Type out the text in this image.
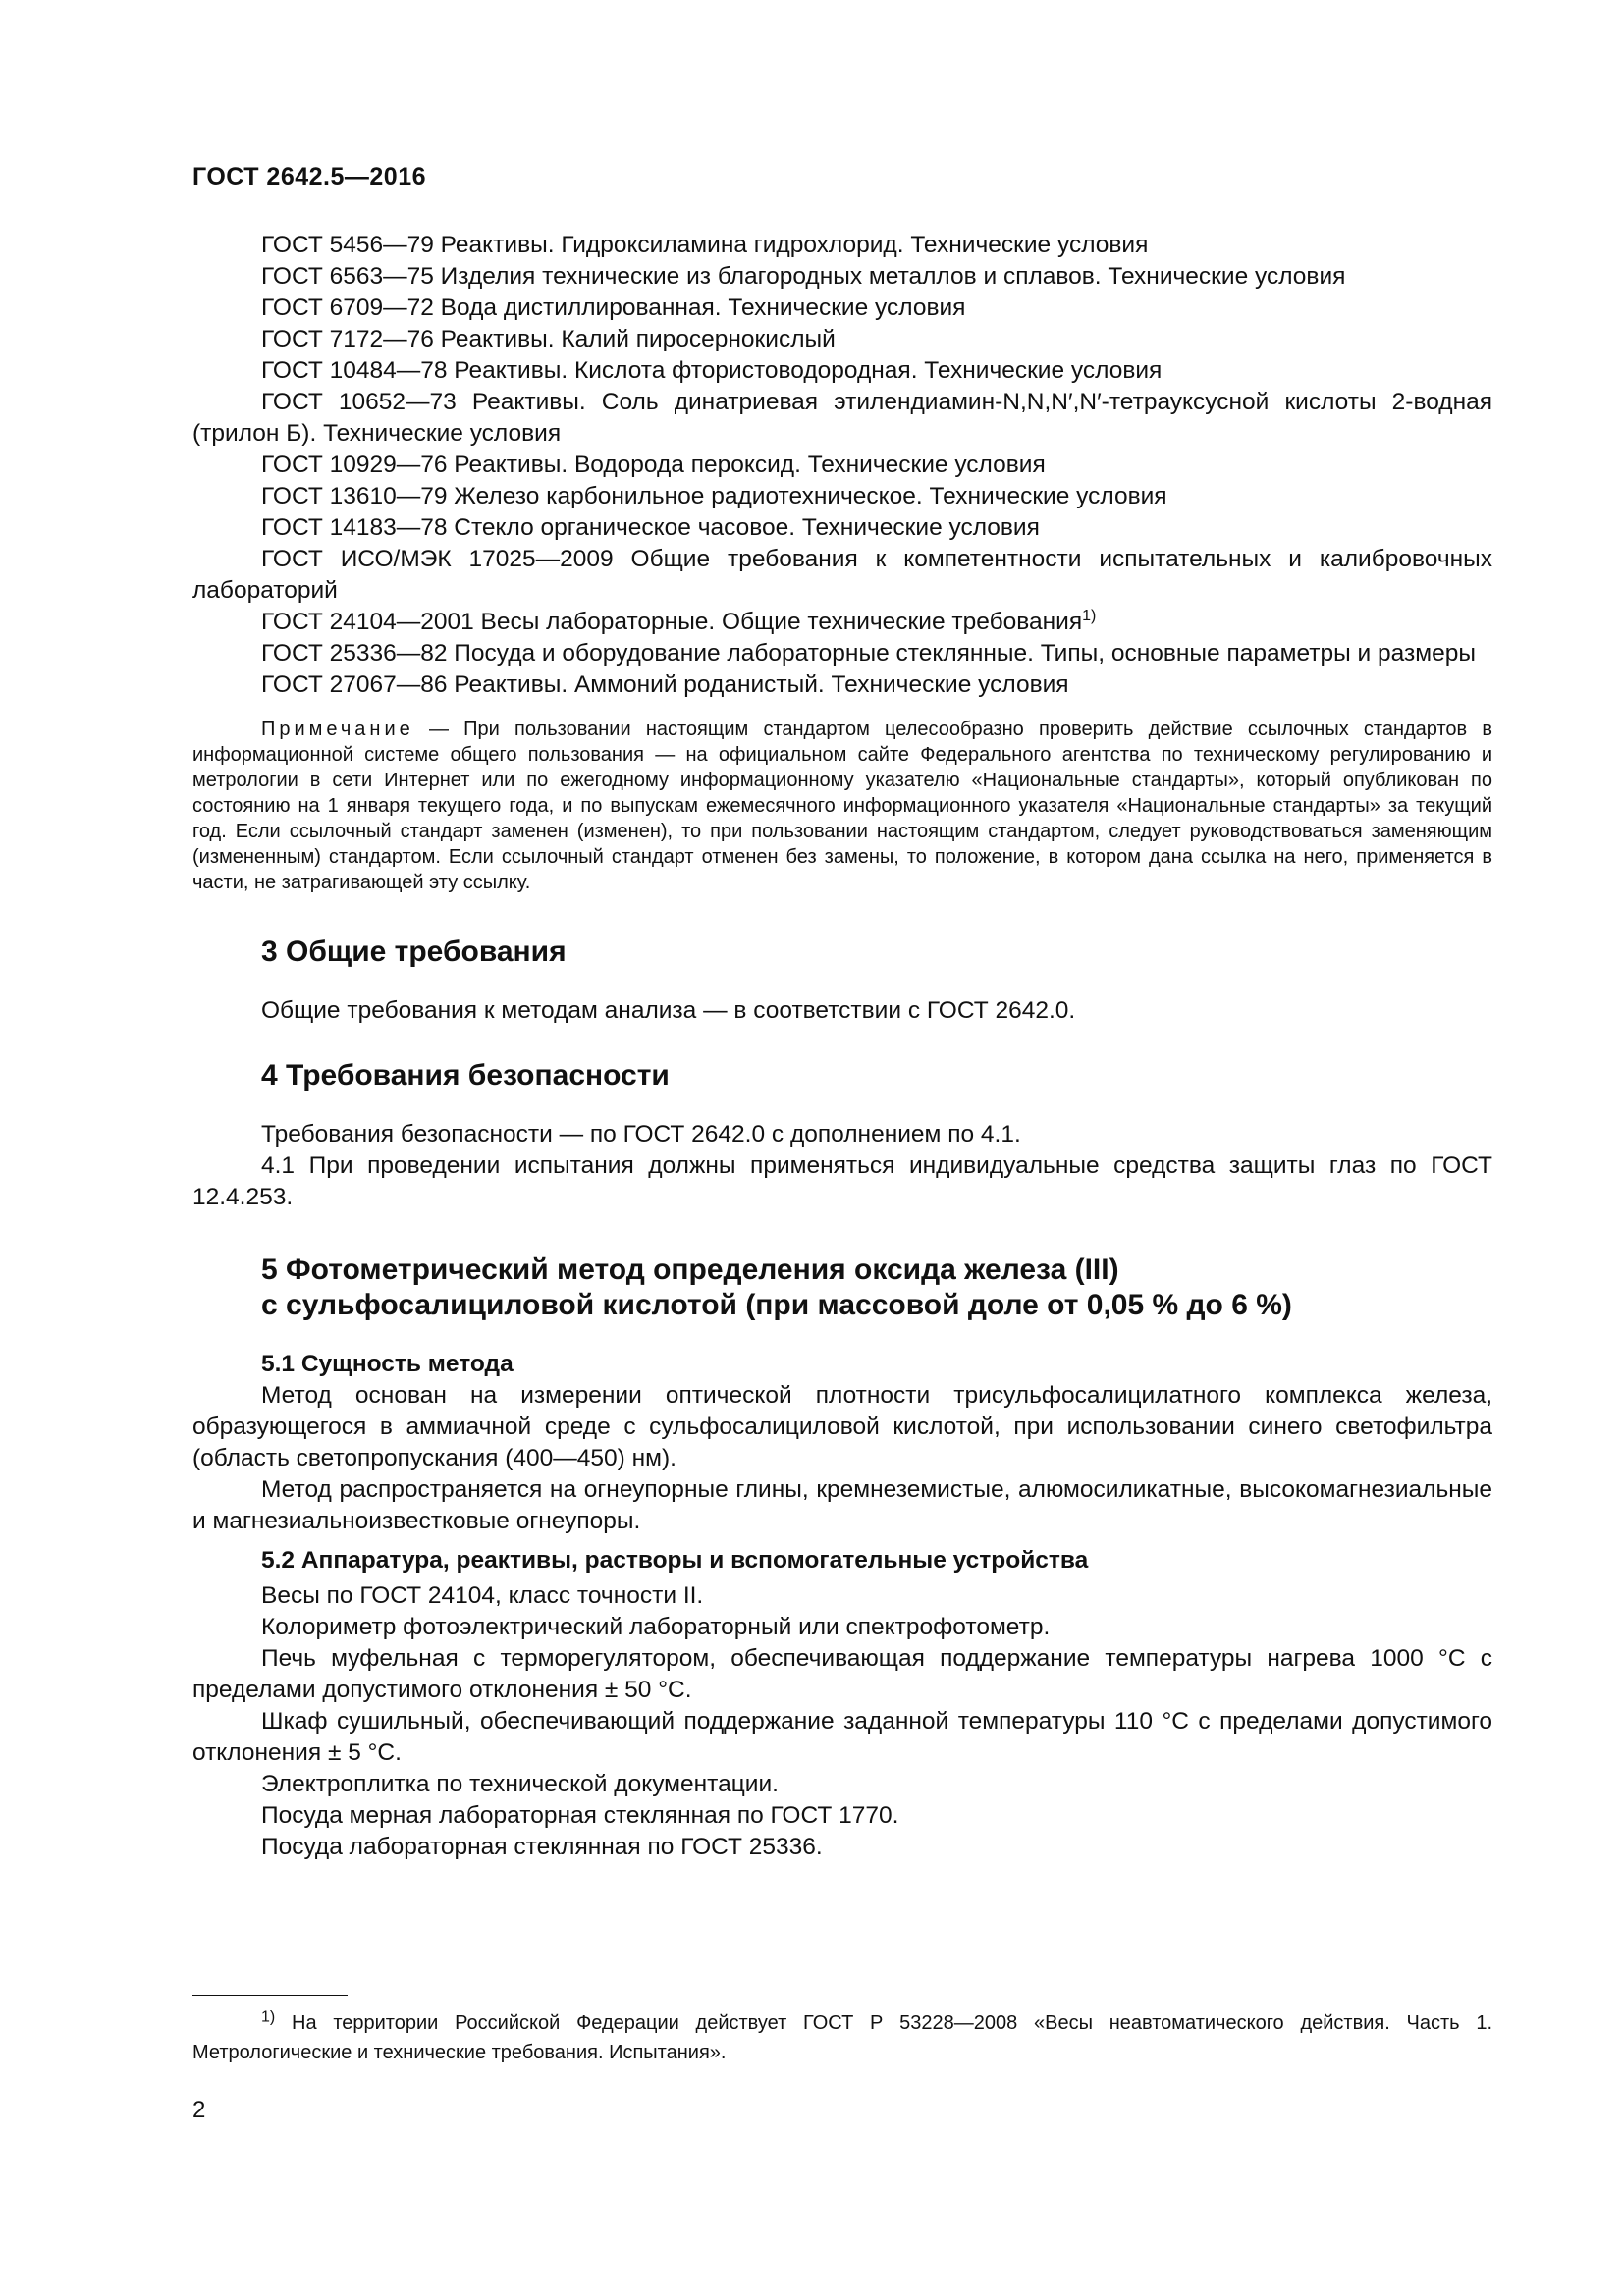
ГОСТ 2642.5—2016

ГОСТ 5456—79 Реактивы. Гидроксиламина гидрохлорид. Технические условия

ГОСТ 6563—75 Изделия технические из благородных металлов и сплавов. Технические условия

ГОСТ 6709—72 Вода дистиллированная. Технические условия

ГОСТ 7172—76 Реактивы. Калий пиросернокислый

ГОСТ 10484—78 Реактивы. Кислота фтористоводородная. Технические условия

ГОСТ 10652—73 Реактивы. Соль динатриевая этилендиамин-N,N,N′,N′-тетрауксусной кислоты 2-водная (трилон Б). Технические условия

ГОСТ 10929—76 Реактивы. Водорода пероксид. Технические условия

ГОСТ 13610—79 Железо карбонильное радиотехническое. Технические условия

ГОСТ 14183—78 Стекло органическое часовое. Технические условия

ГОСТ ИСО/МЭК 17025—2009 Общие требования к компетентности испытательных и калибровочных лабораторий

ГОСТ 24104—2001 Весы лабораторные. Общие технические требования$^{1)}$

ГОСТ 25336—82 Посуда и оборудование лабораторные стеклянные. Типы, основные параметры и размеры

ГОСТ 27067—86 Реактивы. Аммоний роданистый. Технические условия

Примечание — При пользовании настоящим стандартом целесообразно проверить действие ссылочных стандартов в информационной системе общего пользования — на официальном сайте Федерального агентства по техническому регулированию и метрологии в сети Интернет или по ежегодному информационному указателю «Национальные стандарты», который опубликован по состоянию на 1 января текущего года, и по выпускам ежемесячного информационного указателя «Национальные стандарты» за текущий год. Если ссылочный стандарт заменен (изменен), то при пользовании настоящим стандартом, следует руководствоваться заменяющим (измененным) стандартом. Если ссылочный стандарт отменен без замены, то положение, в котором дана ссылка на него, применяется в части, не затрагивающей эту ссылку.

3 Общие требования

Общие требования к методам анализа — в соответствии с ГОСТ 2642.0.

4 Требования безопасности

Требования безопасности — по ГОСТ 2642.0 с дополнением по 4.1.

4.1 При проведении испытания должны применяться индивидуальные средства защиты глаз по ГОСТ 12.4.253.

5 Фотометрический метод определения оксида железа (III)
с сульфосалициловой кислотой (при массовой доле от 0,05 % до 6 %)
5.1 Сущность метода

Метод основан на измерении оптической плотности трисульфосалицилатного комплекса железа, образующегося в аммиачной среде с сульфосалициловой кислотой, при использовании синего светофильтра (область светопропускания (400—450) нм).

Метод распространяется на огнеупорные глины, кремнеземистые, алюмосиликатные, высокомагнезиальные и магнезиальноизвестковые огнеупоры.

5.2 Аппаратура, реактивы, растворы и вспомогательные устройства

Весы по ГОСТ 24104, класс точности II.

Колориметр фотоэлектрический лабораторный или спектрофотометр.

Печь муфельная с терморегулятором, обеспечивающая поддержание температуры нагрева 1000 °С с пределами допустимого отклонения ± 50 °С.

Шкаф сушильный, обеспечивающий поддержание заданной температуры 110 °С с пределами допустимого отклонения ± 5 °С.

Электроплитка по технической документации.

Посуда мерная лабораторная стеклянная по ГОСТ 1770.

Посуда лабораторная стеклянная по ГОСТ 25336.

$^{1)}$ На территории Российской Федерации действует ГОСТ Р 53228—2008 «Весы неавтоматического действия. Часть 1. Метрологические и технические требования. Испытания».

2
